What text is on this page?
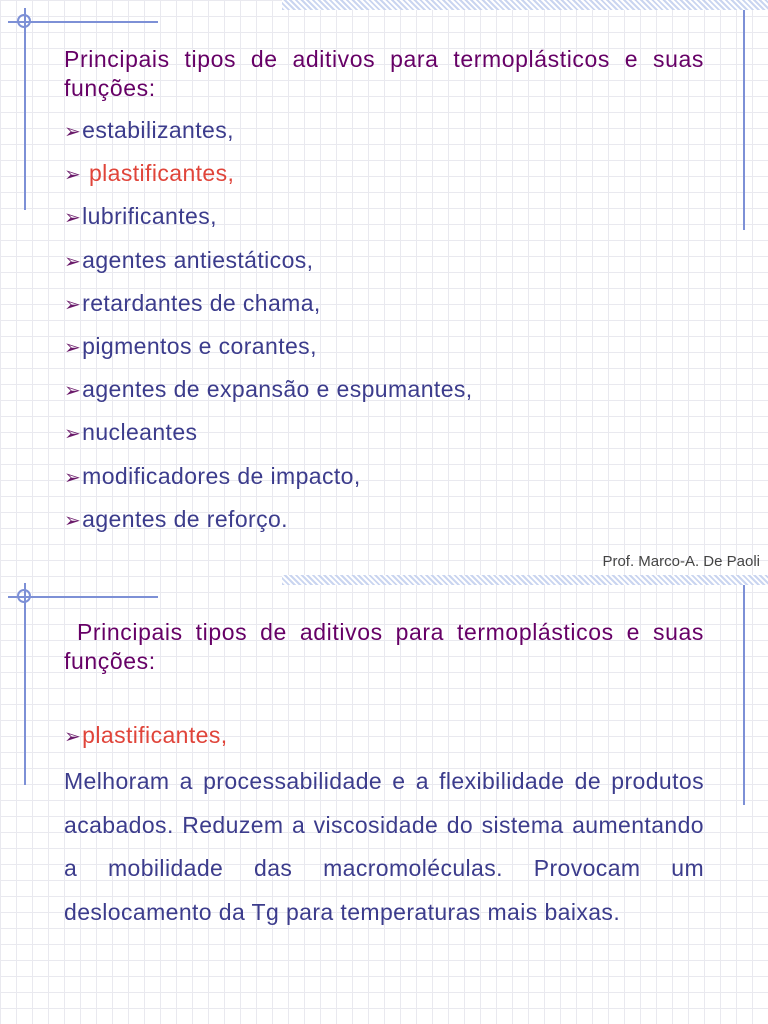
Principais tipos de aditivos para termoplásticos e suas funções:
➢estabilizantes,
➢ plastificantes,
➢lubrificantes,
➢agentes antiestáticos,
➢retardantes de chama,
➢pigmentos e corantes,
➢agentes de expansão e espumantes,
➢nucleantes
➢modificadores de impacto,
➢agentes de reforço.
Prof. Marco-A. De Paoli
Principais tipos de aditivos para termoplásticos e suas funções:
➢plastificantes,
Melhoram a processabilidade e a flexibilidade de produtos acabados. Reduzem a viscosidade do sistema aumentando a mobilidade das macromoléculas. Provocam um deslocamento da Tg para temperaturas mais baixas.
